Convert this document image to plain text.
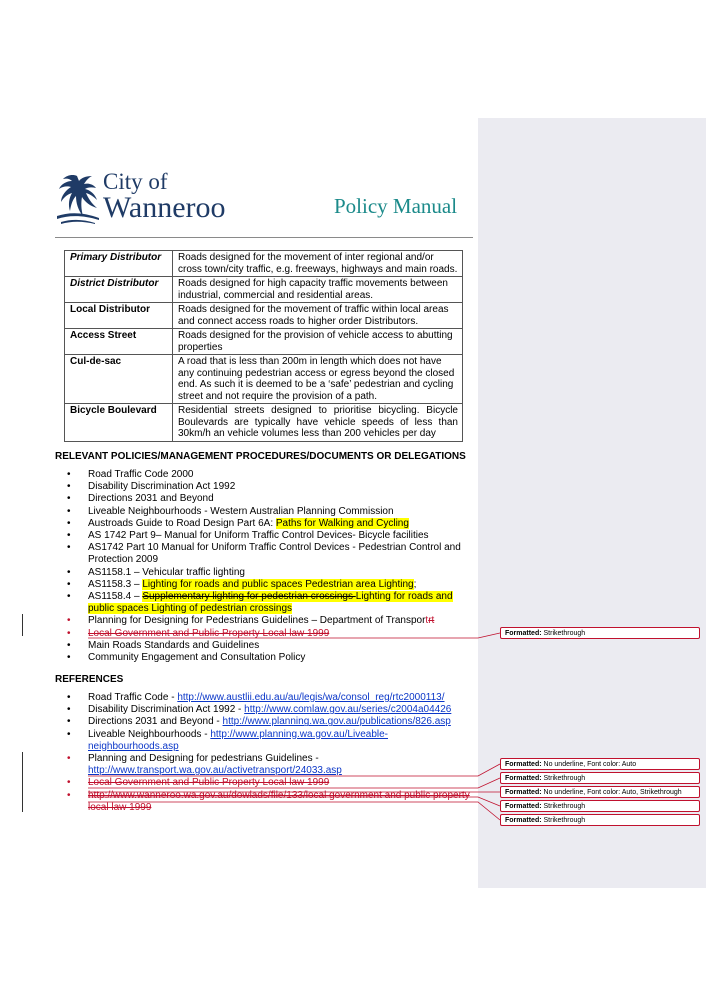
City of
Wanneroo	Policy Manual
Primary Distributor	Roads designed for the movement of inter regional and/or cross town/city traffic, e.g. freeways, highways and main roads.
District Distributor	Roads designed for high capacity traffic movements between industrial, commercial and residential areas.
Local Distributor	Roads designed for the movement of traffic within local areas and connect access roads to higher order Distributors.
Access Street	Roads designed for the provision of vehicle access to abutting properties
Cul-de-sac	A road that is less than 200m in length which does not have any continuing pedestrian access or egress beyond the closed end. As such it is deemed to be a ‘safe’ pedestrian and cycling street and not require the provision of a path.
Bicycle Boulevard	Residential streets designed to prioritise bicycling. Bicycle Boulevards are typically have vehicle speeds of less than 30km/h an vehicle volumes less than 200 vehicles per day
RELEVANT POLICIES/MANAGEMENT PROCEDURES/DOCUMENTS OR DELEGATIONS
• Road Traffic Code 2000
• Disability Discrimination Act 1992
• Directions 2031 and Beyond
• Liveable Neighbourhoods - Western Australian Planning Commission
• Austroads Guide to Road Design Part 6A: Paths for Walking and Cycling
• AS 1742 Part 9– Manual for Uniform Traffic Control Devices- Bicycle facilities
• AS1742 Part 10 Manual for Uniform Traffic Control Devices - Pedestrian Control and Protection 2009
• AS1158.1 – Vehicular traffic lighting
• AS1158.3 – Lighting for roads and public spaces Pedestrian area Lighting;
• AS1158.4 – Supplementary lighting for pedestrian crossings Lighting for roads and public spaces Lighting of pedestrian crossings
• Planning for Designing for Pedestrians Guidelines – Department of Transportrt
• Local Government and Public Property Local law 1999
• Main Roads Standards and Guidelines
• Community Engagement and Consultation Policy
REFERENCES
• Road Traffic Code - http://www.austlii.edu.au/au/legis/wa/consol_reg/rtc2000113/
• Disability Discrimination Act 1992 - http://www.comlaw.gov.au/series/c2004a04426
• Directions 2031 and Beyond - http://www.planning.wa.gov.au/publications/826.asp
• Liveable Neighbourhoods - http://www.planning.wa.gov.au/Liveable-neighbourhoods.asp
• Planning and Designing for pedestrians Guidelines - http://www.transport.wa.gov.au/activetransport/24033.asp
• Local Government and Public Property Local law 1999
• http://www.wanneroo.wa.gov.au/dowlads/file/133/local government and public property local law 1999
Formatted: Strikethrough
Formatted: No underline, Font color: Auto
Formatted: Strikethrough
Formatted: No underline, Font color: Auto, Strikethrough
Formatted: Strikethrough
Formatted: Strikethrough
